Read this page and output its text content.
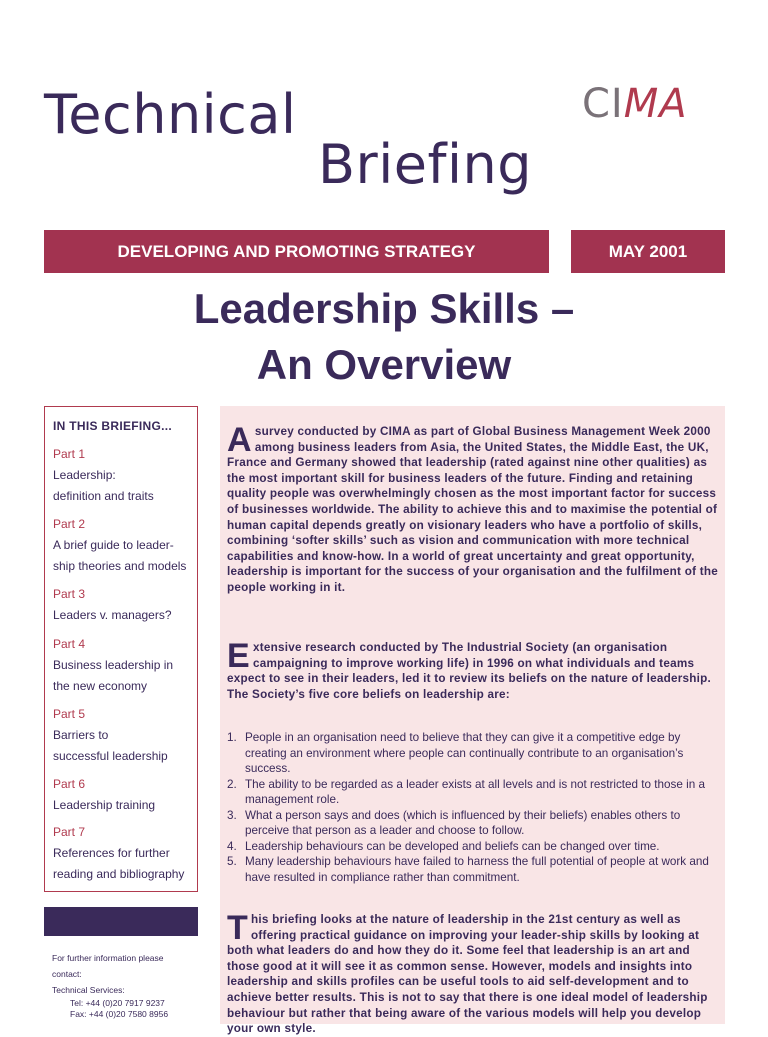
Technical
Briefing
CIMA
DEVELOPING AND PROMOTING STRATEGY	MAY 2001
Leadership Skills –
An Overview
IN THIS BRIEFING...
Part 1
Leadership:
definition and traits
Part 2
A brief guide to leader-
ship theories and models
Part 3
Leaders v. managers?
Part 4
Business leadership in
the new economy
Part 5
Barriers to
successful leadership
Part 6
Leadership training
Part 7
References for further
reading and bibliography
For further information please
contact:
Technical Services:
Tel: +44 (0)20 7917 9237
Fax: +44 (0)20 7580 8956

Asurvey conducted by CIMA as part of Global Business Management Week 2000 among business leaders from Asia, the United States, the Middle East, the UK, France and Germany showed that leadership (rated against nine other qualities) as the most important skill for business leaders of the future. Finding and retaining quality people was overwhelmingly chosen as the most important factor for success of businesses worldwide. The ability to achieve this and to maximise the potential of human capital depends greatly on visionary leaders who have a portfolio of skills, combining ‘softer skills’ such as vision and communication with more technical capabilities and know-how. In a world of great uncertainty and great opportunity, leadership is important for the success of your organisation and the fulfilment of the people working in it.

Extensive research conducted by The Industrial Society (an organisation campaigning to improve working life) in 1996 on what individuals and teams expect to see in their leaders, led it to review its beliefs on the nature of leadership. The Society’s five core beliefs on leadership are:

1. People in an organisation need to believe that they can give it a competitive edge by creating an environment where people can continually contribute to an organisation’s success.
2. The ability to be regarded as a leader exists at all levels and is not restricted to those in a management role.
3. What a person says and does (which is influenced by their beliefs) enables others to perceive that person as a leader and choose to follow.
4. Leadership behaviours can be developed and beliefs can be changed over time.
5. Many leadership behaviours have failed to harness the full potential of people at work and have resulted in compliance rather than commitment.

This briefing looks at the nature of leadership in the 21st century as well as offering practical guidance on improving your leader-ship skills by looking at both what leaders do and how they do it. Some feel that leadership is an art and those good at it will see it as common sense. However, models and insights into leadership and skills profiles can be useful tools to aid self-development and to achieve better results. This is not to say that there is one ideal model of leadership behaviour but rather that being aware of the various models will help you develop your own style.
